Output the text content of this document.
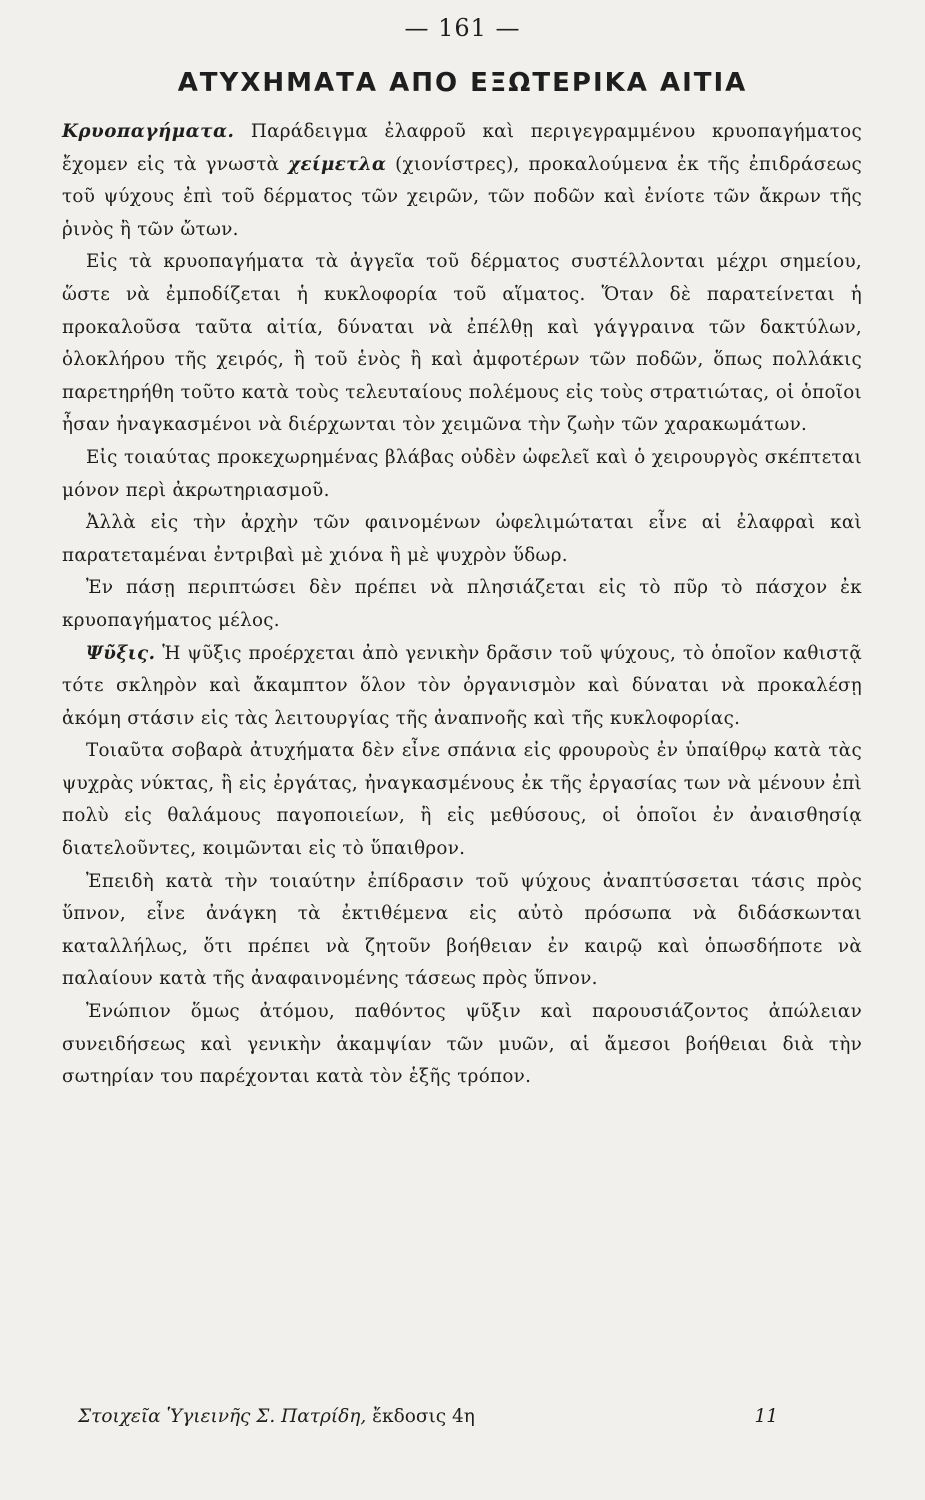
— 161 —
ΑΤΥΧΗΜΑΤΑ ΑΠΟ ΕΞΩΤΕΡΙΚΑ ΑΙΤΙΑ

Κρυοπαγήματα. Παράδειγμα ἐλαφροῦ καὶ περιγεγραμμένου κρυοπαγήματος ἔχομεν εἰς τὰ γνωστὰ χείμετλα (χιονίστρες), προκαλούμενα ἐκ τῆς ἐπιδράσεως τοῦ ψύχους ἐπὶ τοῦ δέρματος τῶν χειρῶν, τῶν ποδῶν καὶ ἐνίοτε τῶν ἄκρων τῆς ῥινὸς ἢ τῶν ὤτων.

Εἰς τὰ κρυοπαγήματα τὰ ἀγγεῖα τοῦ δέρματος συστέλλονται μέχρι σημείου, ὥστε νὰ ἐμποδίζεται ἡ κυκλοφορία τοῦ αἵματος. Ὅταν δὲ παρατείνεται ἡ προκαλοῦσα ταῦτα αἰτία, δύναται νὰ ἐπέλθῃ καὶ γάγγραινα τῶν δακτύλων, ὁλοκλήρου τῆς χειρός, ἢ τοῦ ἑνὸς ἢ καὶ ἀμφοτέρων τῶν ποδῶν, ὅπως πολλάκις παρετηρήθη τοῦτο κατὰ τοὺς τελευταίους πολέμους εἰς τοὺς στρατιώτας, οἱ ὁποῖοι ἦσαν ἠναγκασμένοι νὰ διέρχωνται τὸν χειμῶνα τὴν ζωὴν τῶν χαρακωμάτων.

Εἰς τοιαύτας προκεχωρημένας βλάβας οὐδὲν ὠφελεῖ καὶ ὁ χειρουργὸς σκέπτεται μόνον περὶ ἀκρωτηριασμοῦ.

Ἀλλὰ εἰς τὴν ἀρχὴν τῶν φαινομένων ὠφελιμώταται εἶνε αἱ ἐλαφραὶ καὶ παρατεταμέναι ἐντριβαὶ μὲ χιόνα ἢ μὲ ψυχρὸν ὕδωρ.

Ἐν πάσῃ περιπτώσει δὲν πρέπει νὰ πλησιάζεται εἰς τὸ πῦρ τὸ πάσχον ἐκ κρυοπαγήματος μέλος.

Ψῦξις. Ἡ ψῦξις προέρχεται ἀπὸ γενικὴν δρᾶσιν τοῦ ψύχους, τὸ ὁποῖον καθιστᾷ τότε σκληρὸν καὶ ἄκαμπτον ὅλον τὸν ὀργανισμὸν καὶ δύναται νὰ προκαλέσῃ ἀκόμη στάσιν εἰς τὰς λειτουργίας τῆς ἀναπνοῆς καὶ τῆς κυκλοφορίας.

Τοιαῦτα σοβαρὰ ἀτυχήματα δὲν εἶνε σπάνια εἰς φρουροὺς ἐν ὑπαίθρῳ κατὰ τὰς ψυχρὰς νύκτας, ἢ εἰς ἐργάτας, ἠναγκασμένους ἐκ τῆς ἐργασίας των νὰ μένουν ἐπὶ πολὺ εἰς θαλάμους παγοποιείων, ἢ εἰς μεθύσους, οἱ ὁποῖοι ἐν ἀναισθησίᾳ διατελοῦντες, κοιμῶνται εἰς τὸ ὕπαιθρον.

Ἐπειδὴ κατὰ τὴν τοιαύτην ἐπίδρασιν τοῦ ψύχους ἀναπτύσσεται τάσις πρὸς ὕπνον, εἶνε ἀνάγκη τὰ ἐκτιθέμενα εἰς αὐτὸ πρόσωπα νὰ διδάσκωνται καταλλήλως, ὅτι πρέπει νὰ ζητοῦν βοήθειαν ἐν καιρῷ καὶ ὁπωσδήποτε νὰ παλαίουν κατὰ τῆς ἀναφαινομένης τάσεως πρὸς ὕπνον.

Ἐνώπιον ὅμως ἀτόμου, παθόντος ψῦξιν καὶ παρουσιάζοντος ἀπώλειαν συνειδήσεως καὶ γενικὴν ἀκαμψίαν τῶν μυῶν, αἱ ἄμεσοι βοήθειαι διὰ τὴν σωτηρίαν του παρέχονται κατὰ τὸν ἑξῆς τρόπον.

Στοιχεῖα Ὑγιεινῆς Σ. Πατρίδη, ἔκδοσις 4η	11
